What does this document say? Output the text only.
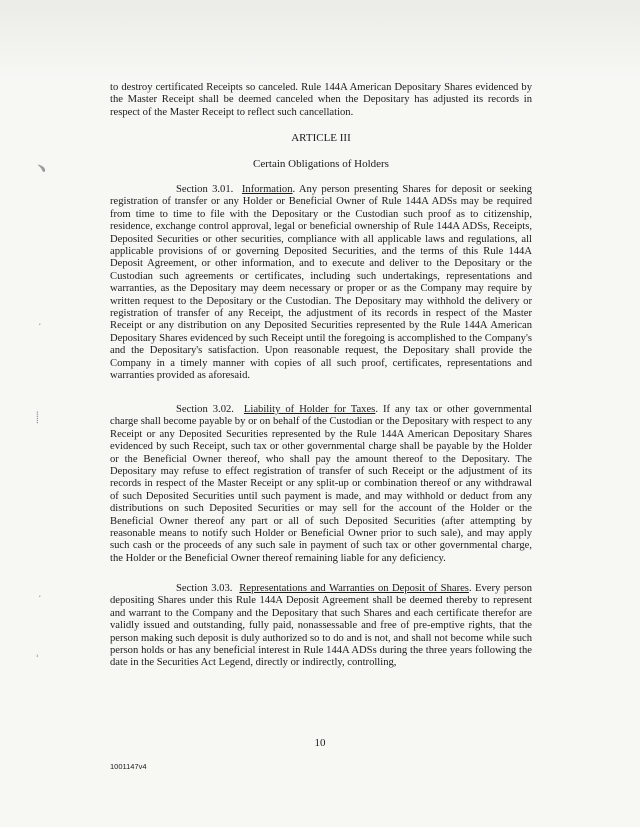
﹅
·
⸽
·
˒
to destroy certificated Receipts so canceled. Rule 144A American Depositary Shares evidenced by the Master Receipt shall be deemed canceled when the Depositary has adjusted its records in respect of the Master Receipt to reflect such cancellation.
ARTICLE III
Certain Obligations of Holders
Section 3.01. Information. Any person presenting Shares for deposit or seeking registration of transfer or any Holder or Beneficial Owner of Rule 144A ADSs may be required from time to time to file with the Depositary or the Custodian such proof as to citizenship, residence, exchange control approval, legal or beneficial ownership of Rule 144A ADSs, Receipts, Deposited Securities or other securities, compliance with all applicable laws and regulations, all applicable provisions of or governing Deposited Securities, and the terms of this Rule 144A Deposit Agreement, or other information, and to execute and deliver to the Depositary or the Custodian such agreements or certificates, including such undertakings, representations and warranties, as the Depositary may deem necessary or proper or as the Company may require by written request to the Depositary or the Custodian. The Depositary may withhold the delivery or registration of transfer of any Receipt, the adjustment of its records in respect of the Master Receipt or any distribution on any Deposited Securities represented by the Rule 144A American Depositary Shares evidenced by such Receipt until the foregoing is accomplished to the Company's and the Depositary's satisfaction. Upon reasonable request, the Depositary shall provide the Company in a timely manner with copies of all such proof, certificates, representations and warranties provided as aforesaid.
Section 3.02. Liability of Holder for Taxes. If any tax or other governmental charge shall become payable by or on behalf of the Custodian or the Depositary with respect to any Receipt or any Deposited Securities represented by the Rule 144A American Depositary Shares evidenced by such Receipt, such tax or other governmental charge shall be payable by the Holder or the Beneficial Owner thereof, who shall pay the amount thereof to the Depositary. The Depositary may refuse to effect registration of transfer of such Receipt or the adjustment of its records in respect of the Master Receipt or any split-up or combination thereof or any withdrawal of such Deposited Securities until such payment is made, and may withhold or deduct from any distributions on such Deposited Securities or may sell for the account of the Holder or the Beneficial Owner thereof any part or all of such Deposited Securities (after attempting by reasonable means to notify such Holder or Beneficial Owner prior to such sale), and may apply such cash or the proceeds of any such sale in payment of such tax or other governmental charge, the Holder or the Beneficial Owner thereof remaining liable for any deficiency.
Section 3.03. Representations and Warranties on Deposit of Shares. Every person depositing Shares under this Rule 144A Deposit Agreement shall be deemed thereby to represent and warrant to the Company and the Depositary that such Shares and each certificate therefor are validly issued and outstanding, fully paid, nonassessable and free of pre-emptive rights, that the person making such deposit is duly authorized so to do and is not, and shall not become while such person holds or has any beneficial interest in Rule 144A ADSs during the three years following the date in the Securities Act Legend, directly or indirectly, controlling,
10
1001147v4
